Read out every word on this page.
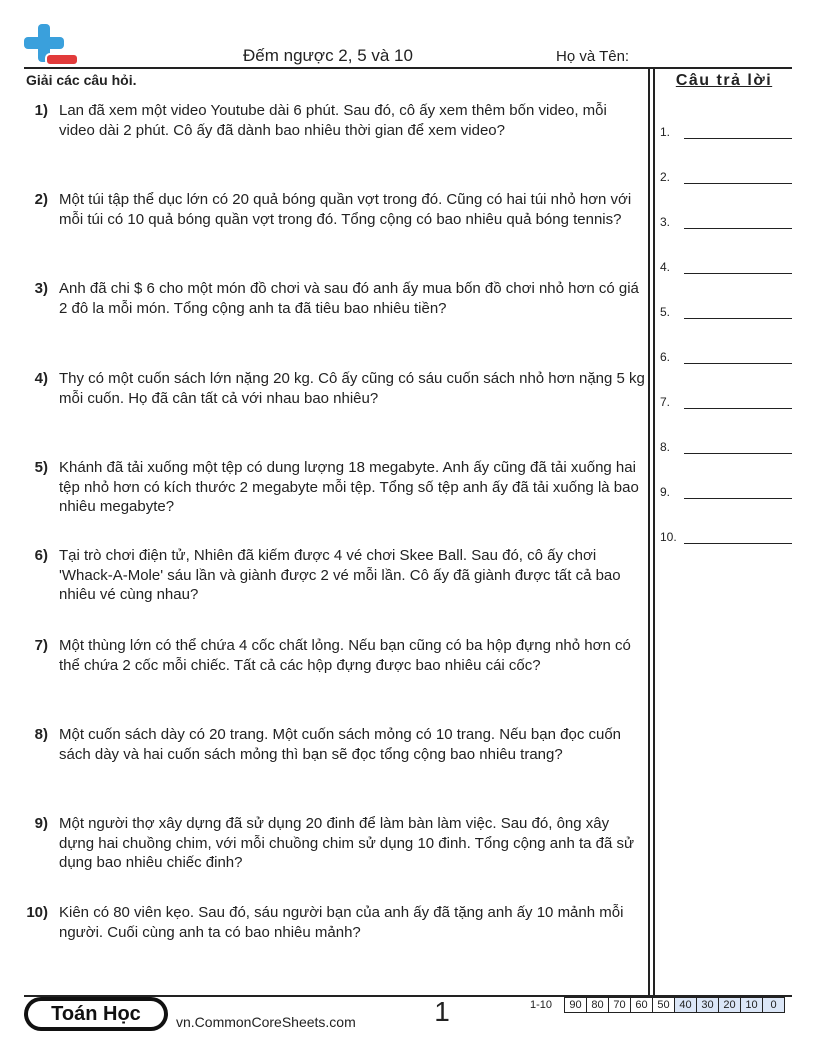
Đếm ngược 2, 5 và 10	Họ và Tên:
Giải các câu hỏi.
1) Lan đã xem một video Youtube dài 6 phút. Sau đó, cô ấy xem thêm bốn video, mỗi video dài 2 phút. Cô ấy đã dành bao nhiêu thời gian để xem video?
2) Một túi tập thể dục lớn có 20 quả bóng quần vợt trong đó. Cũng có hai túi nhỏ hơn với mỗi túi có 10 quả bóng quần vợt trong đó. Tổng cộng có bao nhiêu quả bóng tennis?
3) Anh đã chi $ 6 cho một món đồ chơi và sau đó anh ấy mua bốn đồ chơi nhỏ hơn có giá 2 đô la mỗi món. Tổng cộng anh ta đã tiêu bao nhiêu tiền?
4) Thy có một cuốn sách lớn nặng 20 kg. Cô ấy cũng có sáu cuốn sách nhỏ hơn nặng 5 kg mỗi cuốn. Họ đã cân tất cả với nhau bao nhiêu?
5) Khánh đã tải xuống một tệp có dung lượng 18 megabyte. Anh ấy cũng đã tải xuống hai tệp nhỏ hơn có kích thước 2 megabyte mỗi tệp. Tổng số tệp anh ấy đã tải xuống là bao nhiêu megabyte?
6) Tại trò chơi điện tử, Nhiên đã kiếm được 4 vé chơi Skee Ball. Sau đó, cô ấy chơi 'Whack-A-Mole' sáu lần và giành được 2 vé mỗi lần. Cô ấy đã giành được tất cả bao nhiêu vé cùng nhau?
7) Một thùng lớn có thể chứa 4 cốc chất lỏng. Nếu bạn cũng có ba hộp đựng nhỏ hơn có thể chứa 2 cốc mỗi chiếc. Tất cả các hộp đựng được bao nhiêu cái cốc?
8) Một cuốn sách dày có 20 trang. Một cuốn sách mỏng có 10 trang. Nếu bạn đọc cuốn sách dày và hai cuốn sách mỏng thì bạn sẽ đọc tổng cộng bao nhiêu trang?
9) Một người thợ xây dựng đã sử dụng 20 đinh để làm bàn làm việc. Sau đó, ông xây dựng hai chuồng chim, với mỗi chuồng chim sử dụng 10 đinh. Tổng cộng anh ta đã sử dụng bao nhiêu chiếc đinh?
10) Kiên có 80 viên kẹo. Sau đó, sáu người bạn của anh ấy đã tặng anh ấy 10 mảnh mỗi người. Cuối cùng anh ta có bao nhiêu mảnh?
Câu trả lời
1.
2.
3.
4.
5.
6.
7.
8.
9.
10.
Toán Học	vn.CommonCoreSheets.com	1	1-10	90 80 70 60 50 40 30 20 10	0
